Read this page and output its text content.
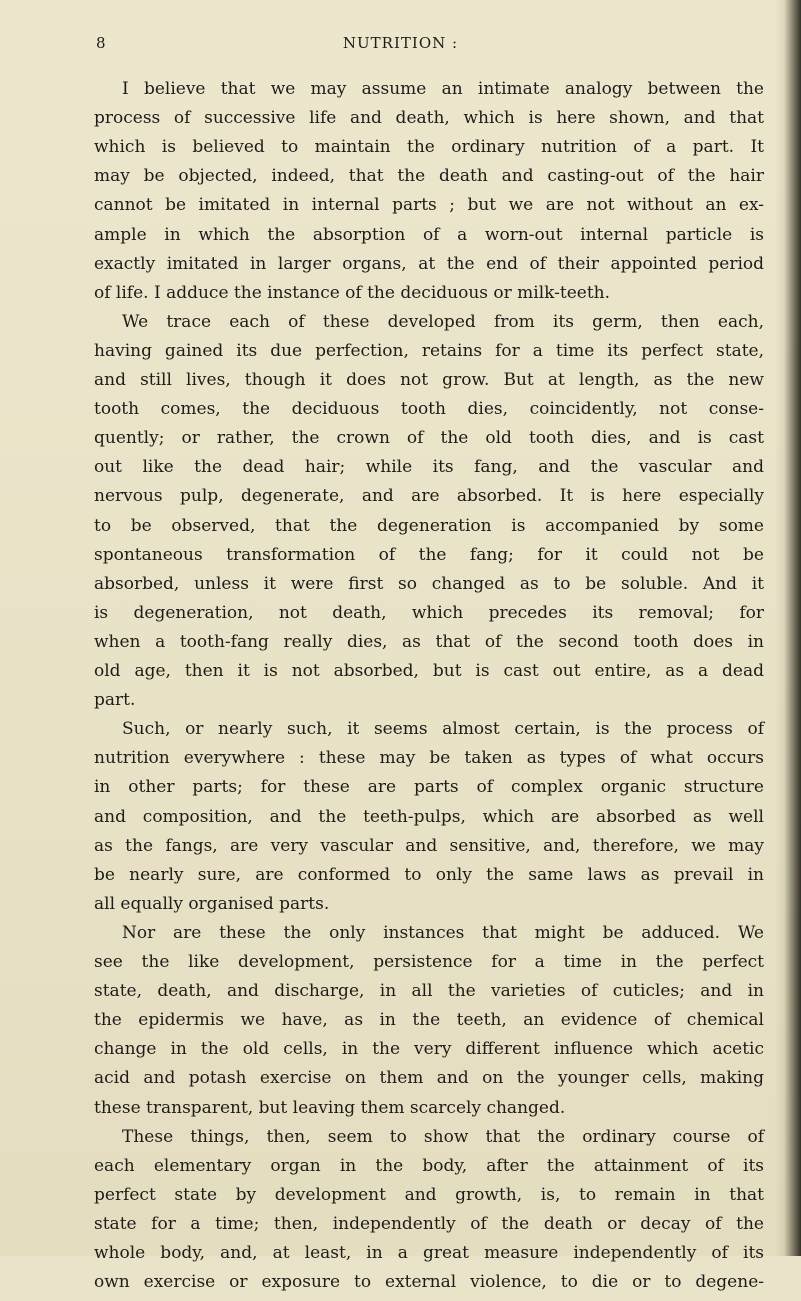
8	NUTRITION :
I believe that we may assume an intimate analogy between the
process of successive life and death, which is here shown, and that
which is believed to maintain the ordinary nutrition of a part. It
may be objected, indeed, that the death and casting-out of the hair
cannot be imitated in internal parts ; but we are not without an ex-
ample in which the absorption of a worn-out internal particle is
exactly imitated in larger organs, at the end of their appointed period
of life. I adduce the instance of the deciduous or milk-teeth.
We trace each of these developed from its germ, then each,
having gained its due perfection, retains for a time its perfect state,
and still lives, though it does not grow. But at length, as the new
tooth comes, the deciduous tooth dies, coincidently, not conse-
quently; or rather, the crown of the old tooth dies, and is cast
out like the dead hair; while its fang, and the vascular and
nervous pulp, degenerate, and are absorbed. It is here especially
to be observed, that the degeneration is accompanied by some
spontaneous transformation of the fang; for it could not be
absorbed, unless it were first so changed as to be soluble. And it
is degeneration, not death, which precedes its removal; for
when a tooth-fang really dies, as that of the second tooth does in
old age, then it is not absorbed, but is cast out entire, as a dead
part.
Such, or nearly such, it seems almost certain, is the process of
nutrition everywhere : these may be taken as types of what occurs
in other parts; for these are parts of complex organic structure
and composition, and the teeth-pulps, which are absorbed as well
as the fangs, are very vascular and sensitive, and, therefore, we may
be nearly sure, are conformed to only the same laws as prevail in
all equally organised parts.
Nor are these the only instances that might be adduced. We
see the like development, persistence for a time in the perfect
state, death, and discharge, in all the varieties of cuticles; and in
the epidermis we have, as in the teeth, an evidence of chemical
change in the old cells, in the very different influence which acetic
acid and potash exercise on them and on the younger cells, making
these transparent, but leaving them scarcely changed.
These things, then, seem to show that the ordinary course of
each elementary organ in the body, after the attainment of its
perfect state by development and growth, is, to remain in that
state for a time; then, independently of the death or decay of the
whole body, and, at least, in a great measure independently of its
own exercise or exposure to external violence, to die or to degene-
